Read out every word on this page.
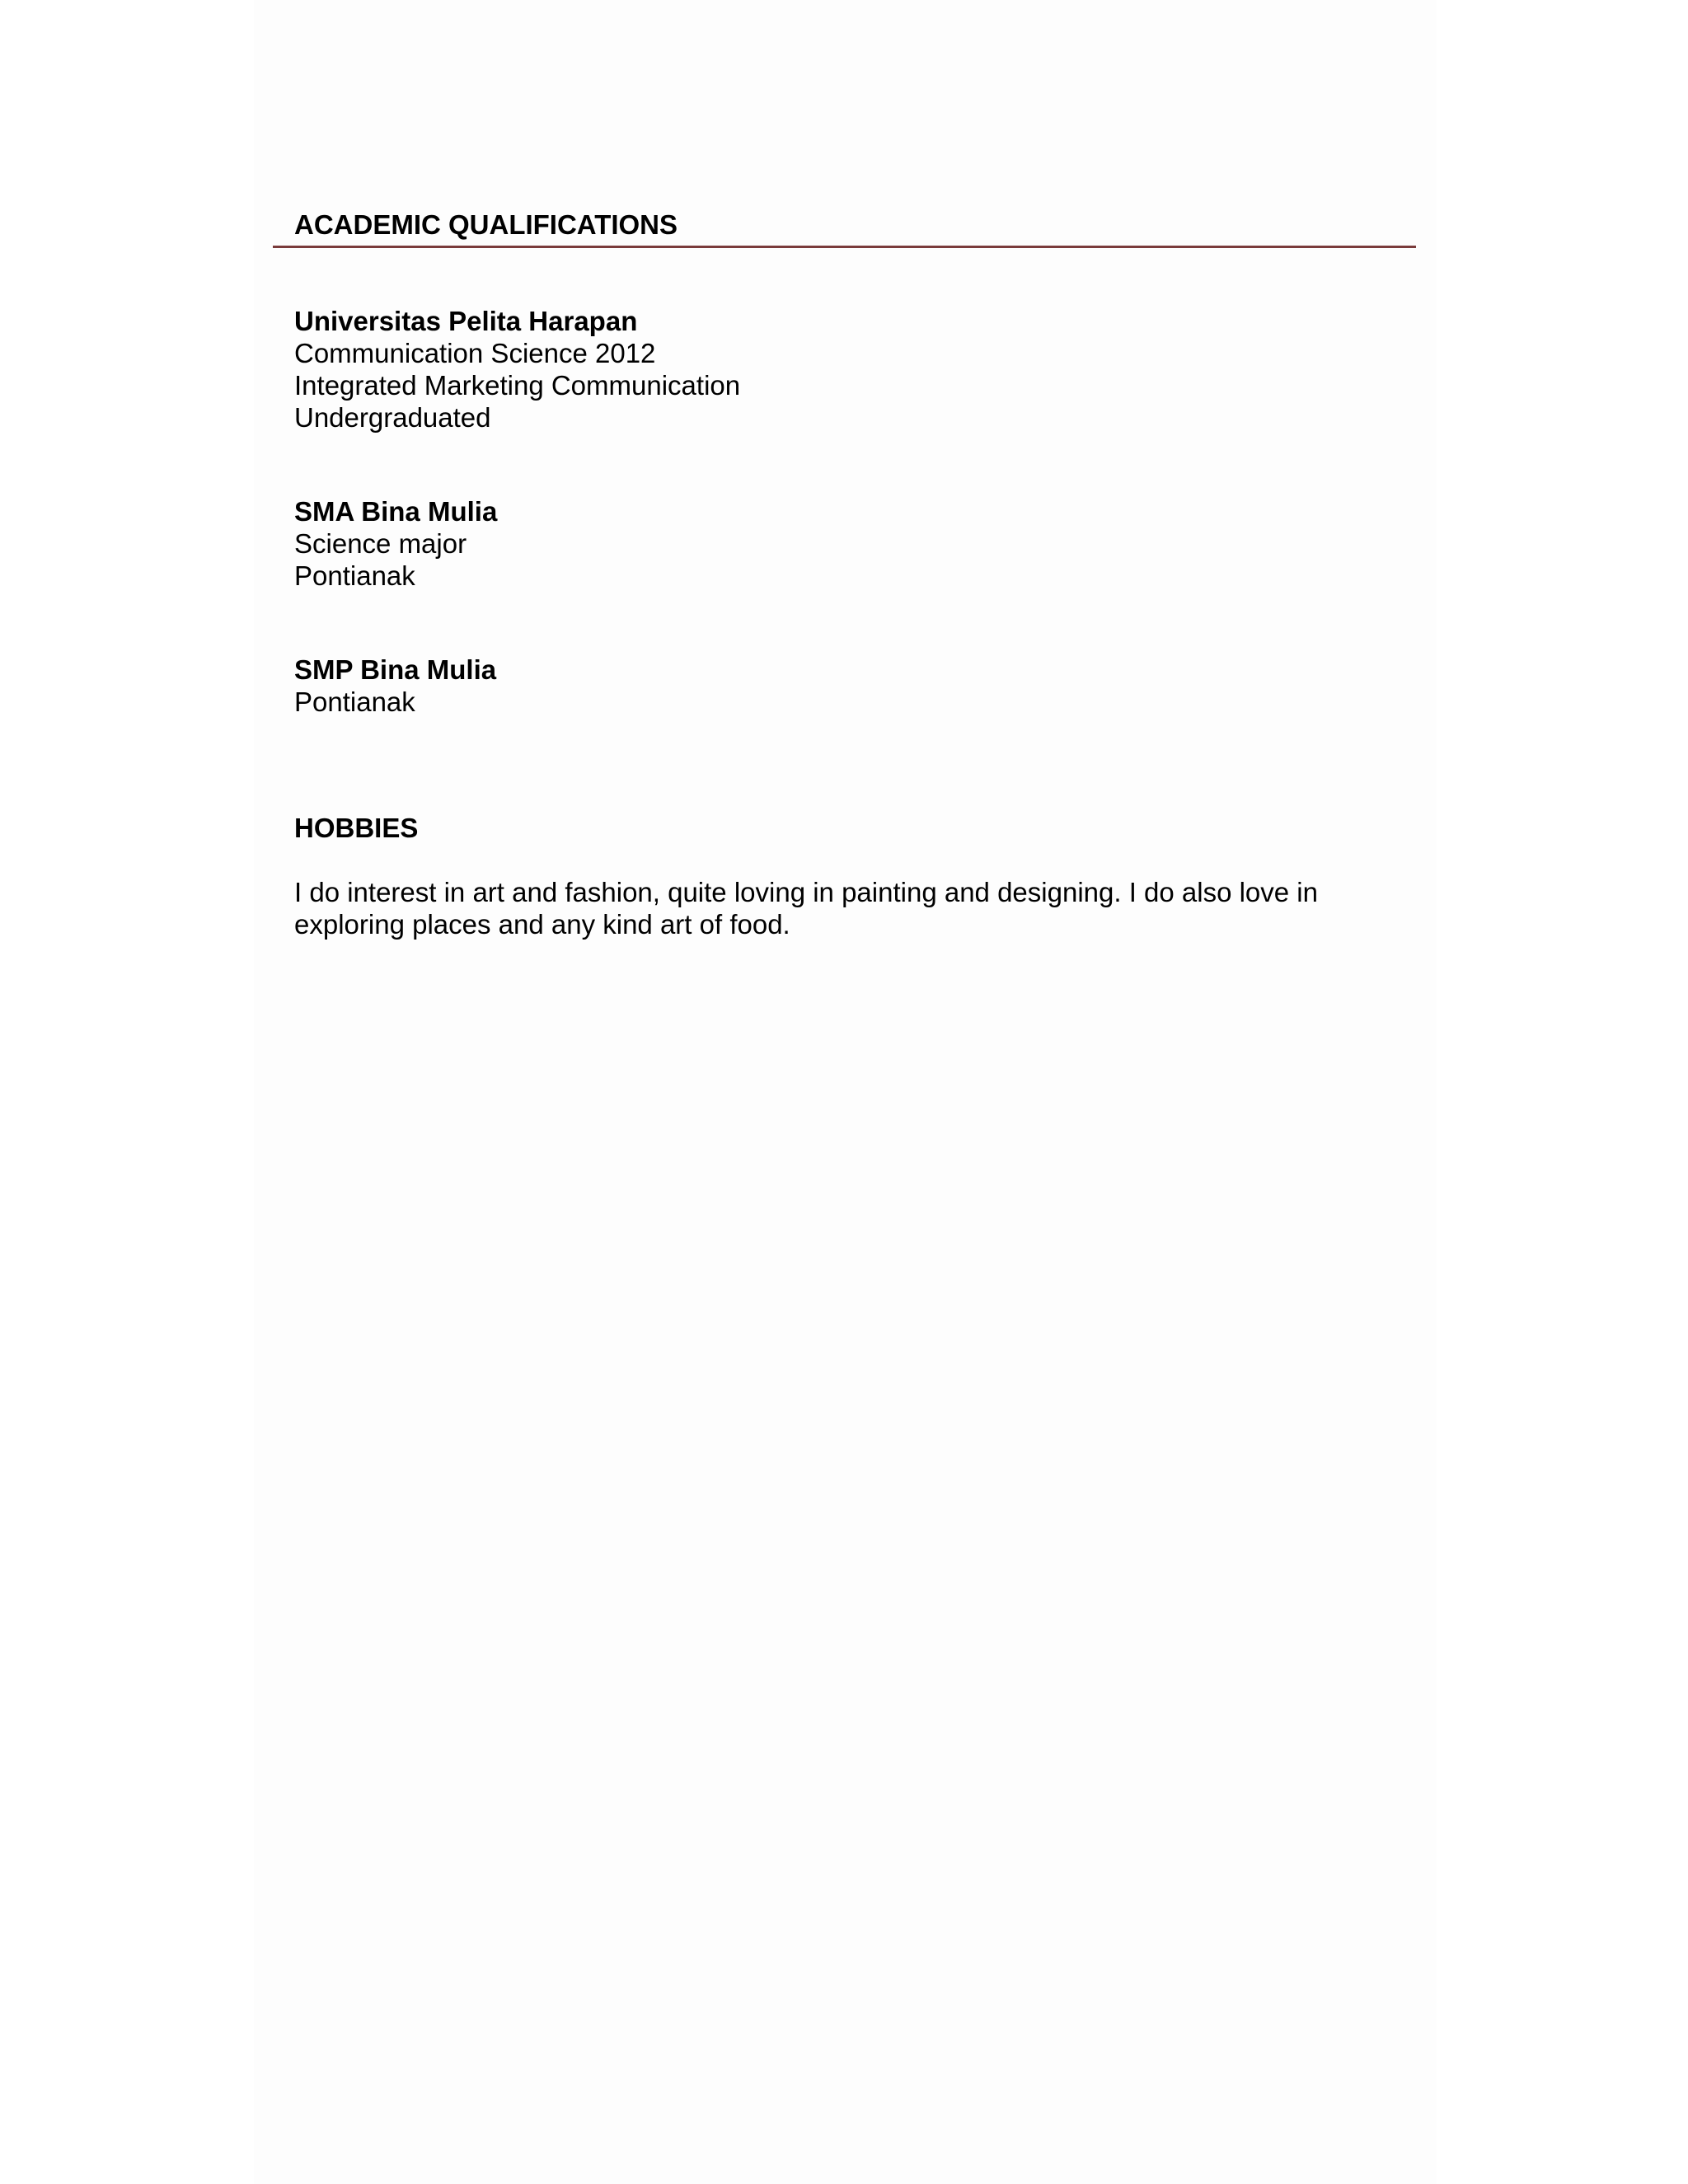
ACADEMIC QUALIFICATIONS
Universitas Pelita Harapan
Communication Science 2012
Integrated Marketing Communication
Undergraduated
SMA Bina Mulia
Science major
Pontianak
SMP Bina Mulia
Pontianak
HOBBIES

I do interest in art and fashion, quite loving in painting and designing. I do also love in exploring places and any kind art of food.
